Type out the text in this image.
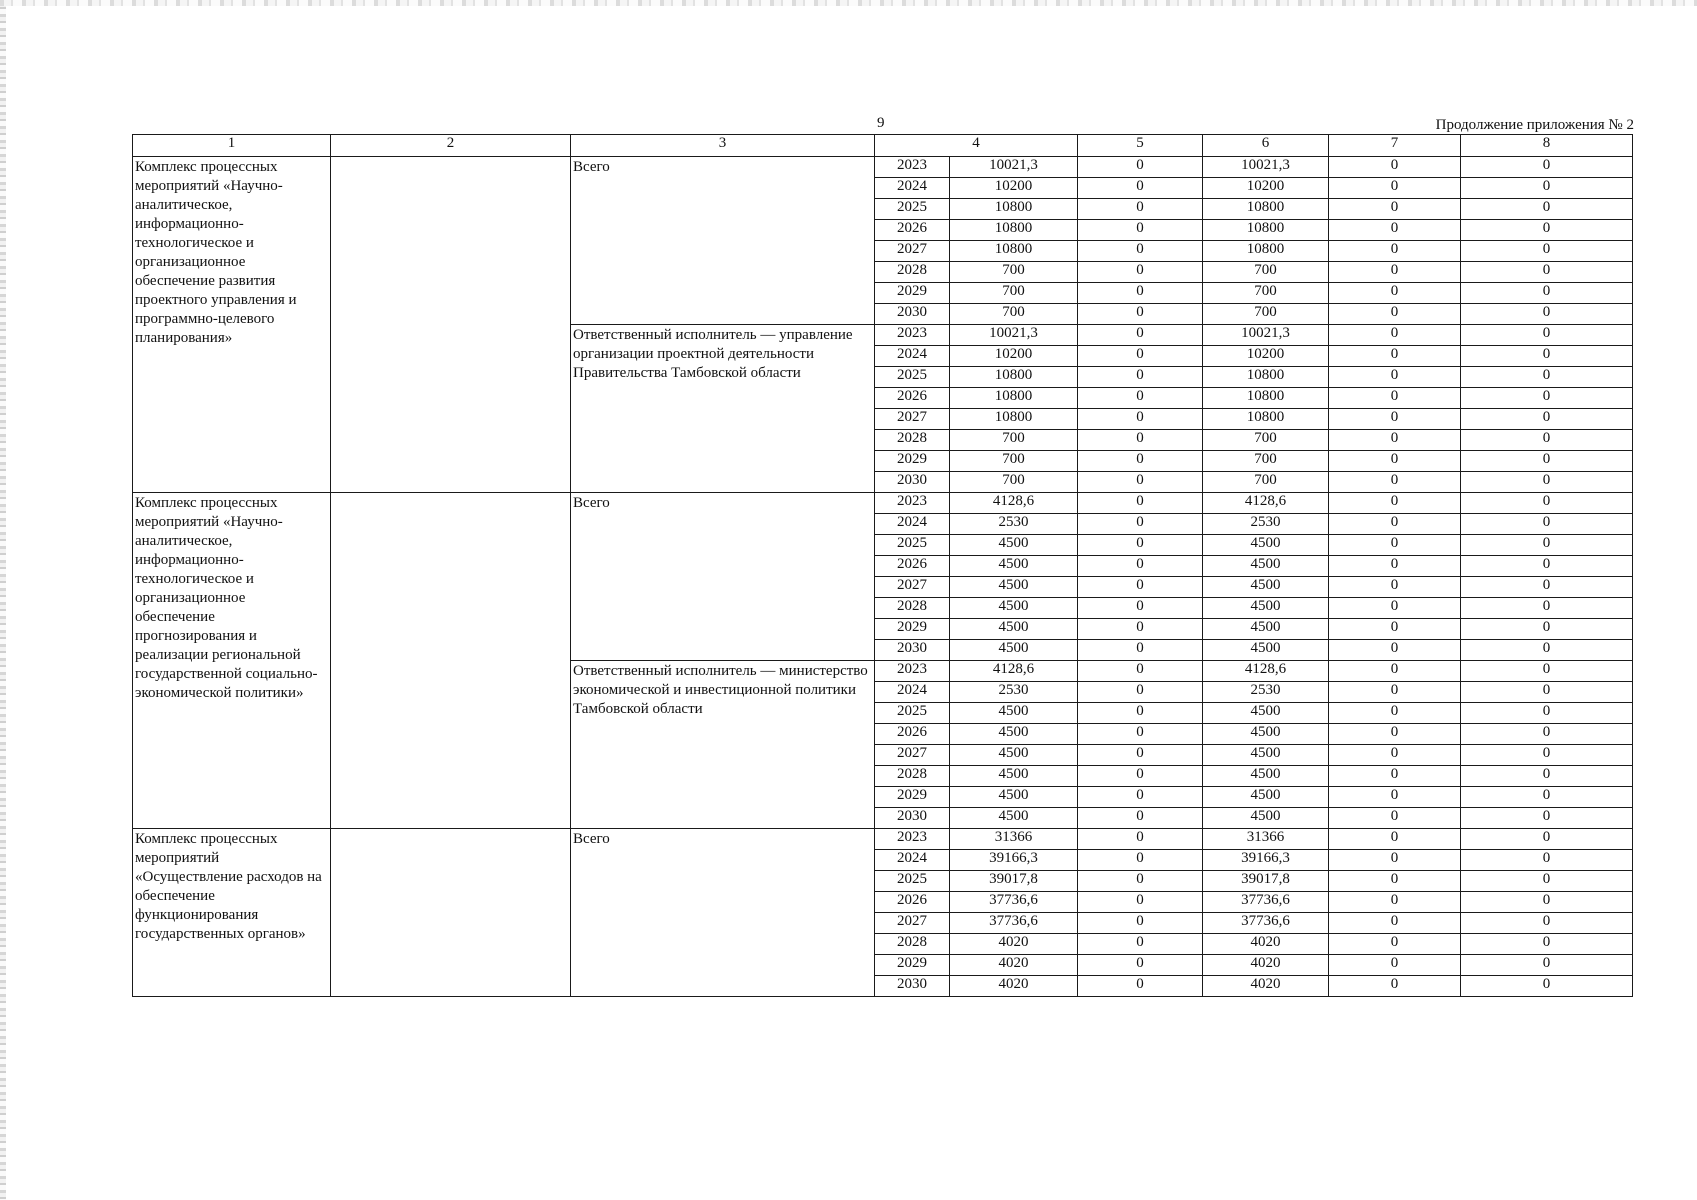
9	Продолжение приложения № 2
1	2	3	4		5	6	7	8
Комплекс процессных мероприятий «Научно-аналитическое, информационно-технологическое и организационное обеспечение развития проектного управления и программно-целевого планирования»		Всего	2023	10021,3	0	10021,3	0	0
			2024	10200	0	10200	0	0
			2025	10800	0	10800	0	0
			2026	10800	0	10800	0	0
			2027	10800	0	10800	0	0
			2028	700	0	700	0	0
			2029	700	0	700	0	0
			2030	700	0	700	0	0
		Ответственный исполнитель — управление организации проектной деятельности Правительства Тамбовской области	2023	10021,3	0	10021,3	0	0
			2024	10200	0	10200	0	0
			2025	10800	0	10800	0	0
			2026	10800	0	10800	0	0
			2027	10800	0	10800	0	0
			2028	700	0	700	0	0
			2029	700	0	700	0	0
			2030	700	0	700	0	0
Комплекс процессных мероприятий «Научно-аналитическое, информационно-технологическое и организационное обеспечение прогнозирования и реализации региональной государственной социально-экономической политики»		Всего	2023	4128,6	0	4128,6	0	0
			2024	2530	0	2530	0	0
			2025	4500	0	4500	0	0
			2026	4500	0	4500	0	0
			2027	4500	0	4500	0	0
			2028	4500	0	4500	0	0
			2029	4500	0	4500	0	0
			2030	4500	0	4500	0	0
		Ответственный исполнитель — министерство экономической и инвестиционной политики Тамбовской области	2023	4128,6	0	4128,6	0	0
			2024	2530	0	2530	0	0
			2025	4500	0	4500	0	0
			2026	4500	0	4500	0	0
			2027	4500	0	4500	0	0
			2028	4500	0	4500	0	0
			2029	4500	0	4500	0	0
			2030	4500	0	4500	0	0
Комплекс процессных мероприятий «Осуществление расходов на обеспечение функционирования государственных органов»		Всего	2023	31366	0	31366	0	0
			2024	39166,3	0	39166,3	0	0
			2025	39017,8	0	39017,8	0	0
			2026	37736,6	0	37736,6	0	0
			2027	37736,6	0	37736,6	0	0
			2028	4020	0	4020	0	0
			2029	4020	0	4020	0	0
			2030	4020	0	4020	0	0
